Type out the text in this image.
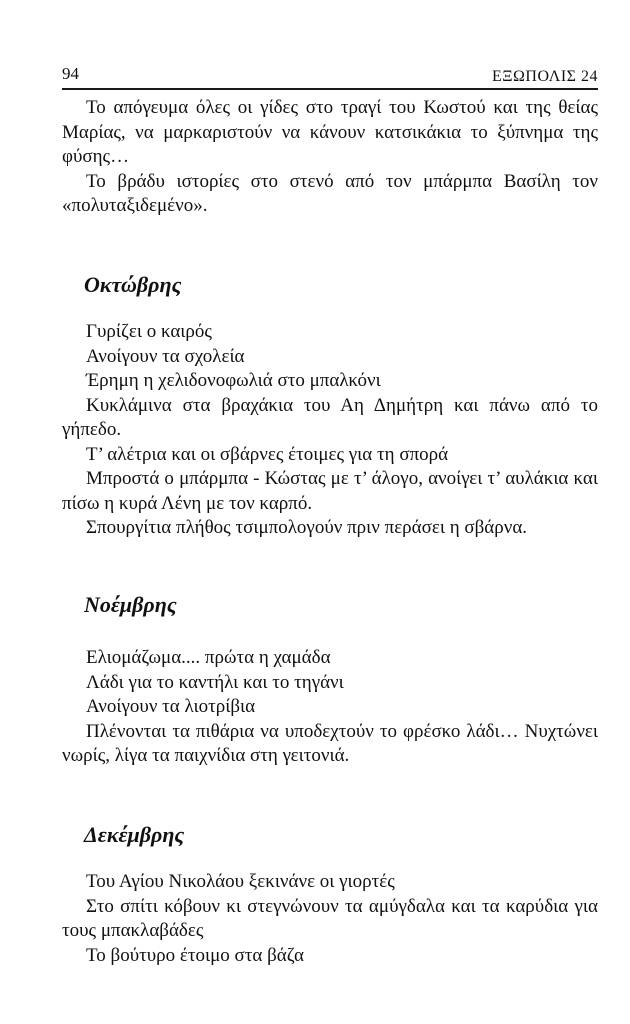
94	ΕΞΩΠΟΛΙΣ 24

Το απόγευμα όλες οι γίδες στο τραγί του Κωστού και της θείας Μαρίας, να μαρκαριστούν να κάνουν κατσικάκια το ξύπνημα της φύσης…

Το βράδυ ιστορίες στο στενό από τον μπάρμπα Βασίλη τον «πολυταξιδεμένο».

Οκτώβρης

Γυρίζει ο καιρός

Ανοίγουν τα σχολεία

Έρημη η χελιδονοφωλιά στο μπαλκόνι

Κυκλάμινα στα βραχάκια του Αη Δημήτρη και πάνω από το γήπεδο.

Τ’ αλέτρια και οι σβάρνες έτοιμες για τη σπορά

Μπροστά ο μπάρμπα - Κώστας με τ’ άλογο, ανοίγει τ’ αυλάκια και πίσω η κυρά Λένη με τον καρπό.

Σπουργίτια πλήθος τσιμπολογούν πριν περάσει η σβάρνα.

Νοέμβρης

Ελιομάζωμα.... πρώτα η χαμάδα

Λάδι για το καντήλι και το τηγάνι

Ανοίγουν τα λιοτρίβια

Πλένονται τα πιθάρια να υποδεχτούν το φρέσκο λάδι… Νυχτώνει νωρίς, λίγα τα παιχνίδια στη γειτονιά.

Δεκέμβρης

Του Αγίου Νικολάου ξεκινάνε οι γιορτές

Στο σπίτι κόβουν κι στεγνώνουν τα αμύγδαλα και τα καρύδια για τους μπακλαβάδες

Το βούτυρο έτοιμο στα βάζα
